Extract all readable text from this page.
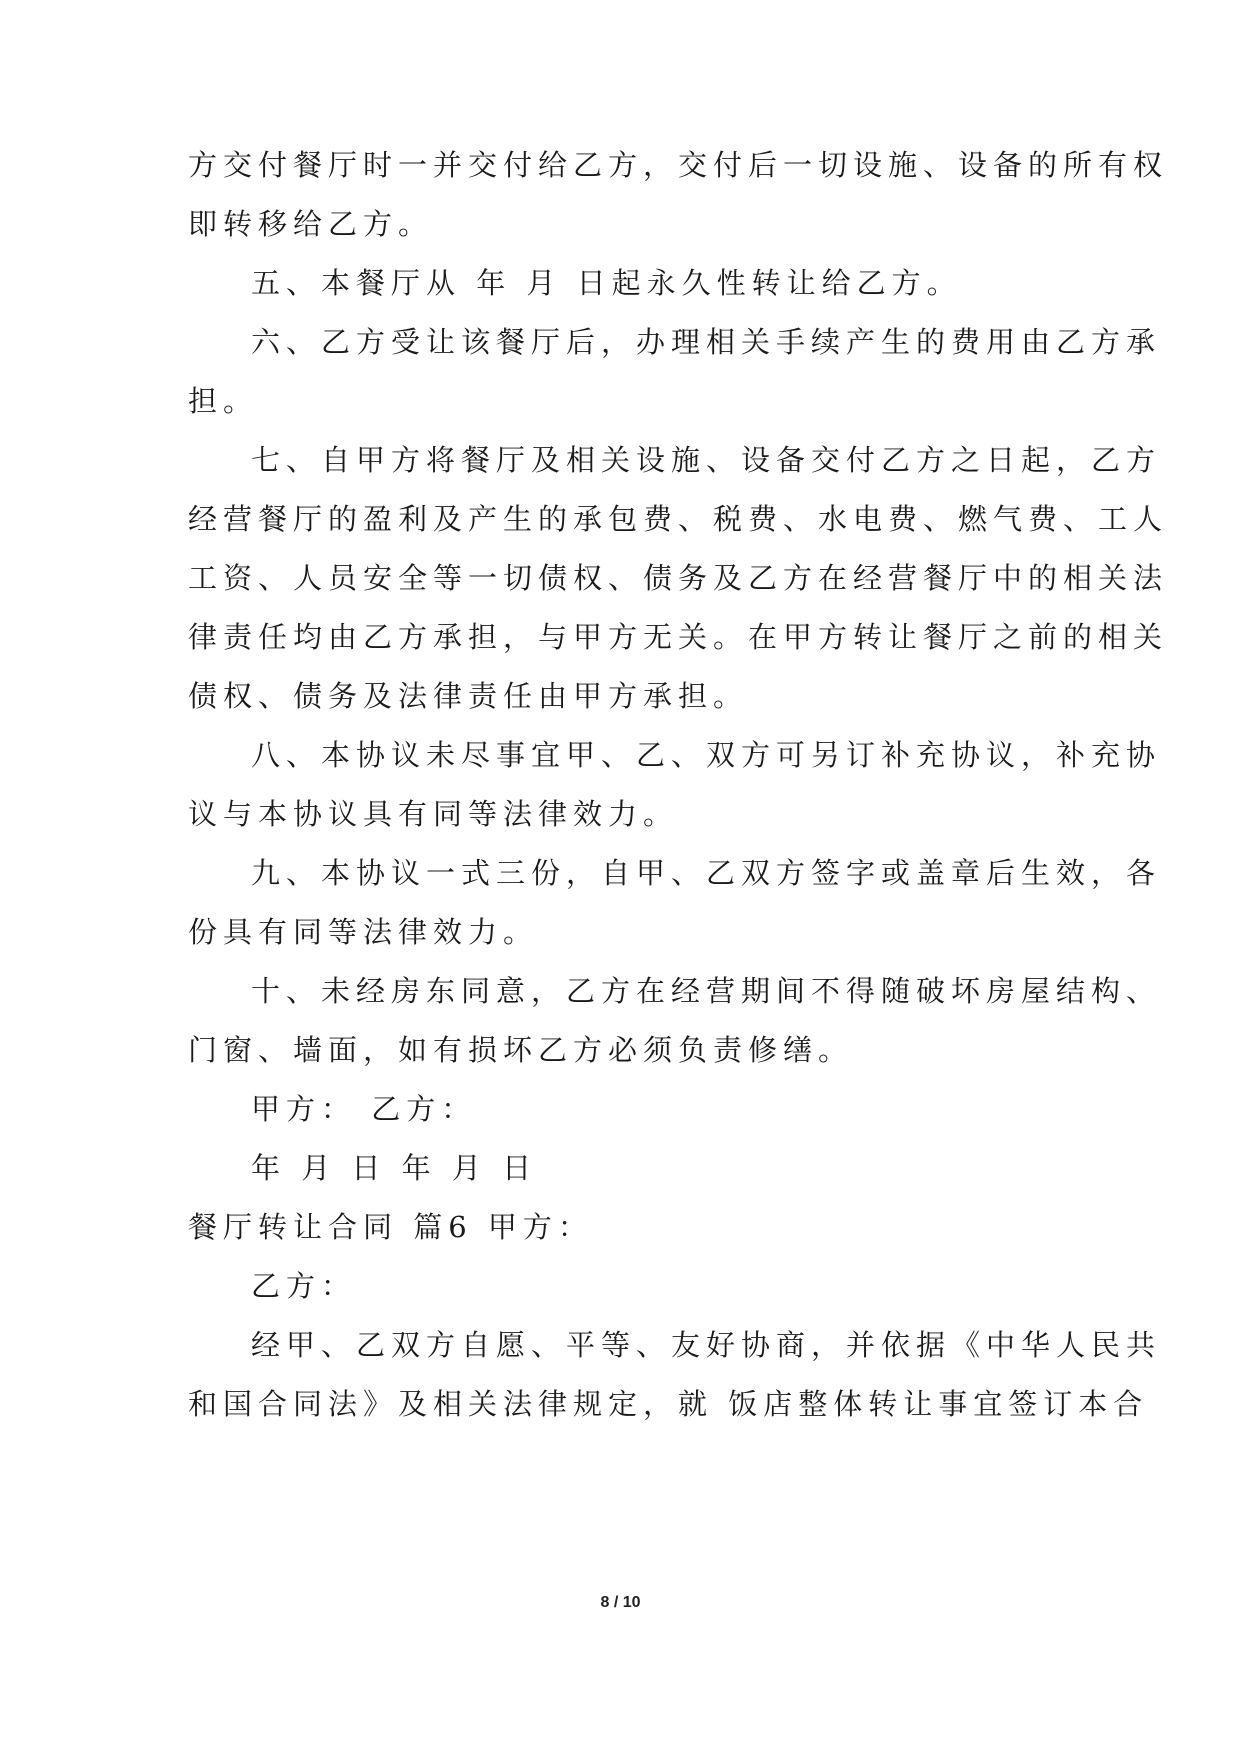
方交付餐厅时一并交付给乙方，交付后一切设施、设备的所有权
即转移给乙方。
五、本餐厅从 年 月 日起永久性转让给乙方。
六、乙方受让该餐厅后，办理相关手续产生的费用由乙方承
担。
七、自甲方将餐厅及相关设施、设备交付乙方之日起，乙方
经营餐厅的盈利及产生的承包费、税费、水电费、燃气费、工人
工资、人员安全等一切债权、债务及乙方在经营餐厅中的相关法
律责任均由乙方承担，与甲方无关。在甲方转让餐厅之前的相关
债权、债务及法律责任由甲方承担。
八、本协议未尽事宜甲、乙、双方可另订补充协议，补充协
议与本协议具有同等法律效力。
九、本协议一式三份，自甲、乙双方签字或盖章后生效，各
份具有同等法律效力。
十、未经房东同意，乙方在经营期间不得随破坏房屋结构、
门窗、墙面，如有损坏乙方必须负责修缮。
甲方： 乙方：
年 月 日 年 月 日
餐厅转让合同 篇6 甲方：
乙方：
经甲、乙双方自愿、平等、友好协商，并依据《中华人民共
和国合同法》及相关法律规定，就 饭店整体转让事宜签订本合
8 / 10
